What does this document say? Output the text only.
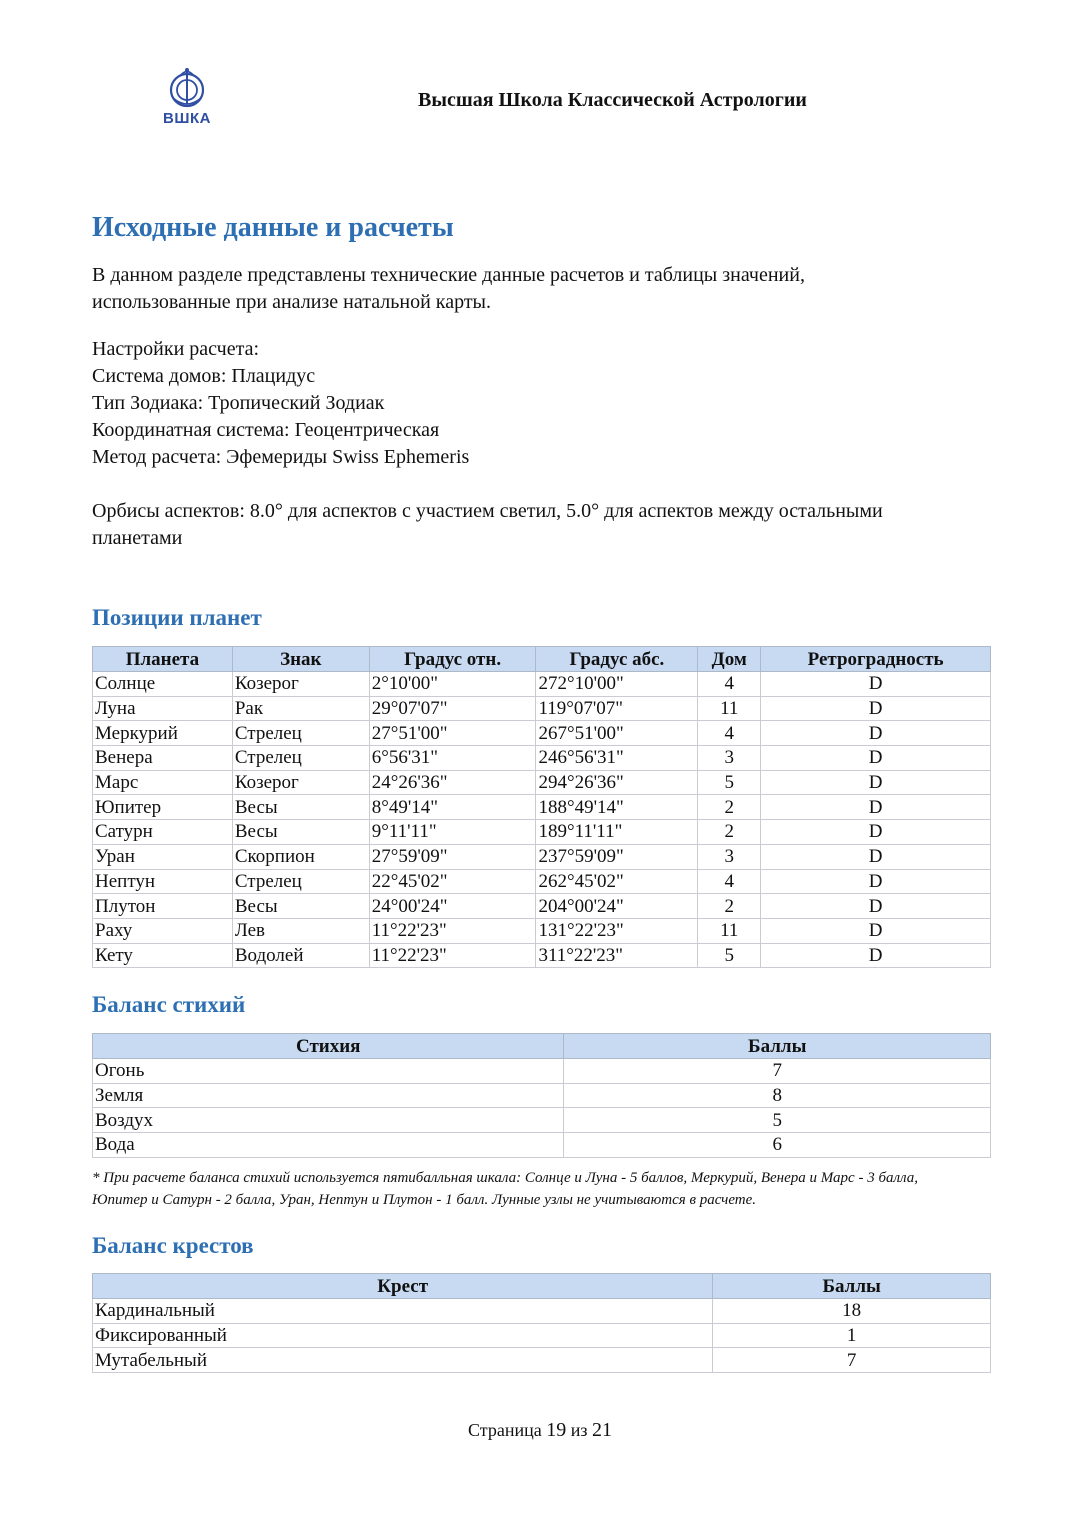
ВШКА
Высшая Школа Классической Астрологии
Исходные данные и расчеты

В данном разделе представлены технические данные расчетов и таблицы значений, использованные при анализе натальной карты.

Настройки расчета:

Система домов: Плацидус

Тип Зодиака: Тропический Зодиак

Координатная система: Геоцентрическая

Метод расчета: Эфемериды Swiss Ephemeris

Орбисы аспектов: 8.0° для аспектов с участием светил, 5.0° для аспектов между остальными планетами

Позиции планет
Планета	Знак	Градус отн.	Градус абс.	Дом	Ретроградность
Солнце	Козерог	2°10'00"	272°10'00"	4	D
Луна	Рак	29°07'07"	119°07'07"	11	D
Меркурий	Стрелец	27°51'00"	267°51'00"	4	D
Венера	Стрелец	6°56'31"	246°56'31"	3	D
Марс	Козерог	24°26'36"	294°26'36"	5	D
Юпитер	Весы	8°49'14"	188°49'14"	2	D
Сатурн	Весы	9°11'11"	189°11'11"	2	D
Уран	Скорпион	27°59'09"	237°59'09"	3	D
Нептун	Стрелец	22°45'02"	262°45'02"	4	D
Плутон	Весы	24°00'24"	204°00'24"	2	D
Раху	Лев	11°22'23"	131°22'23"	11	D
Кету	Водолей	11°22'23"	311°22'23"	5	D
Баланс стихий
Стихия	Баллы
Огонь	7
Земля	8
Воздух	5
Вода	6
* При расчете баланса стихий используется пятибалльная шкала: Солнце и Луна - 5 баллов, Меркурий, Венера и Марс - 3 балла, Юпитер и Сатурн - 2 балла, Уран, Нептун и Плутон - 1 балл. Лунные узлы не учитываются в расчете.
Баланс крестов
Крест	Баллы
Кардинальный	18
Фиксированный	1
Мутабельный	7
Страница 19 из 21
